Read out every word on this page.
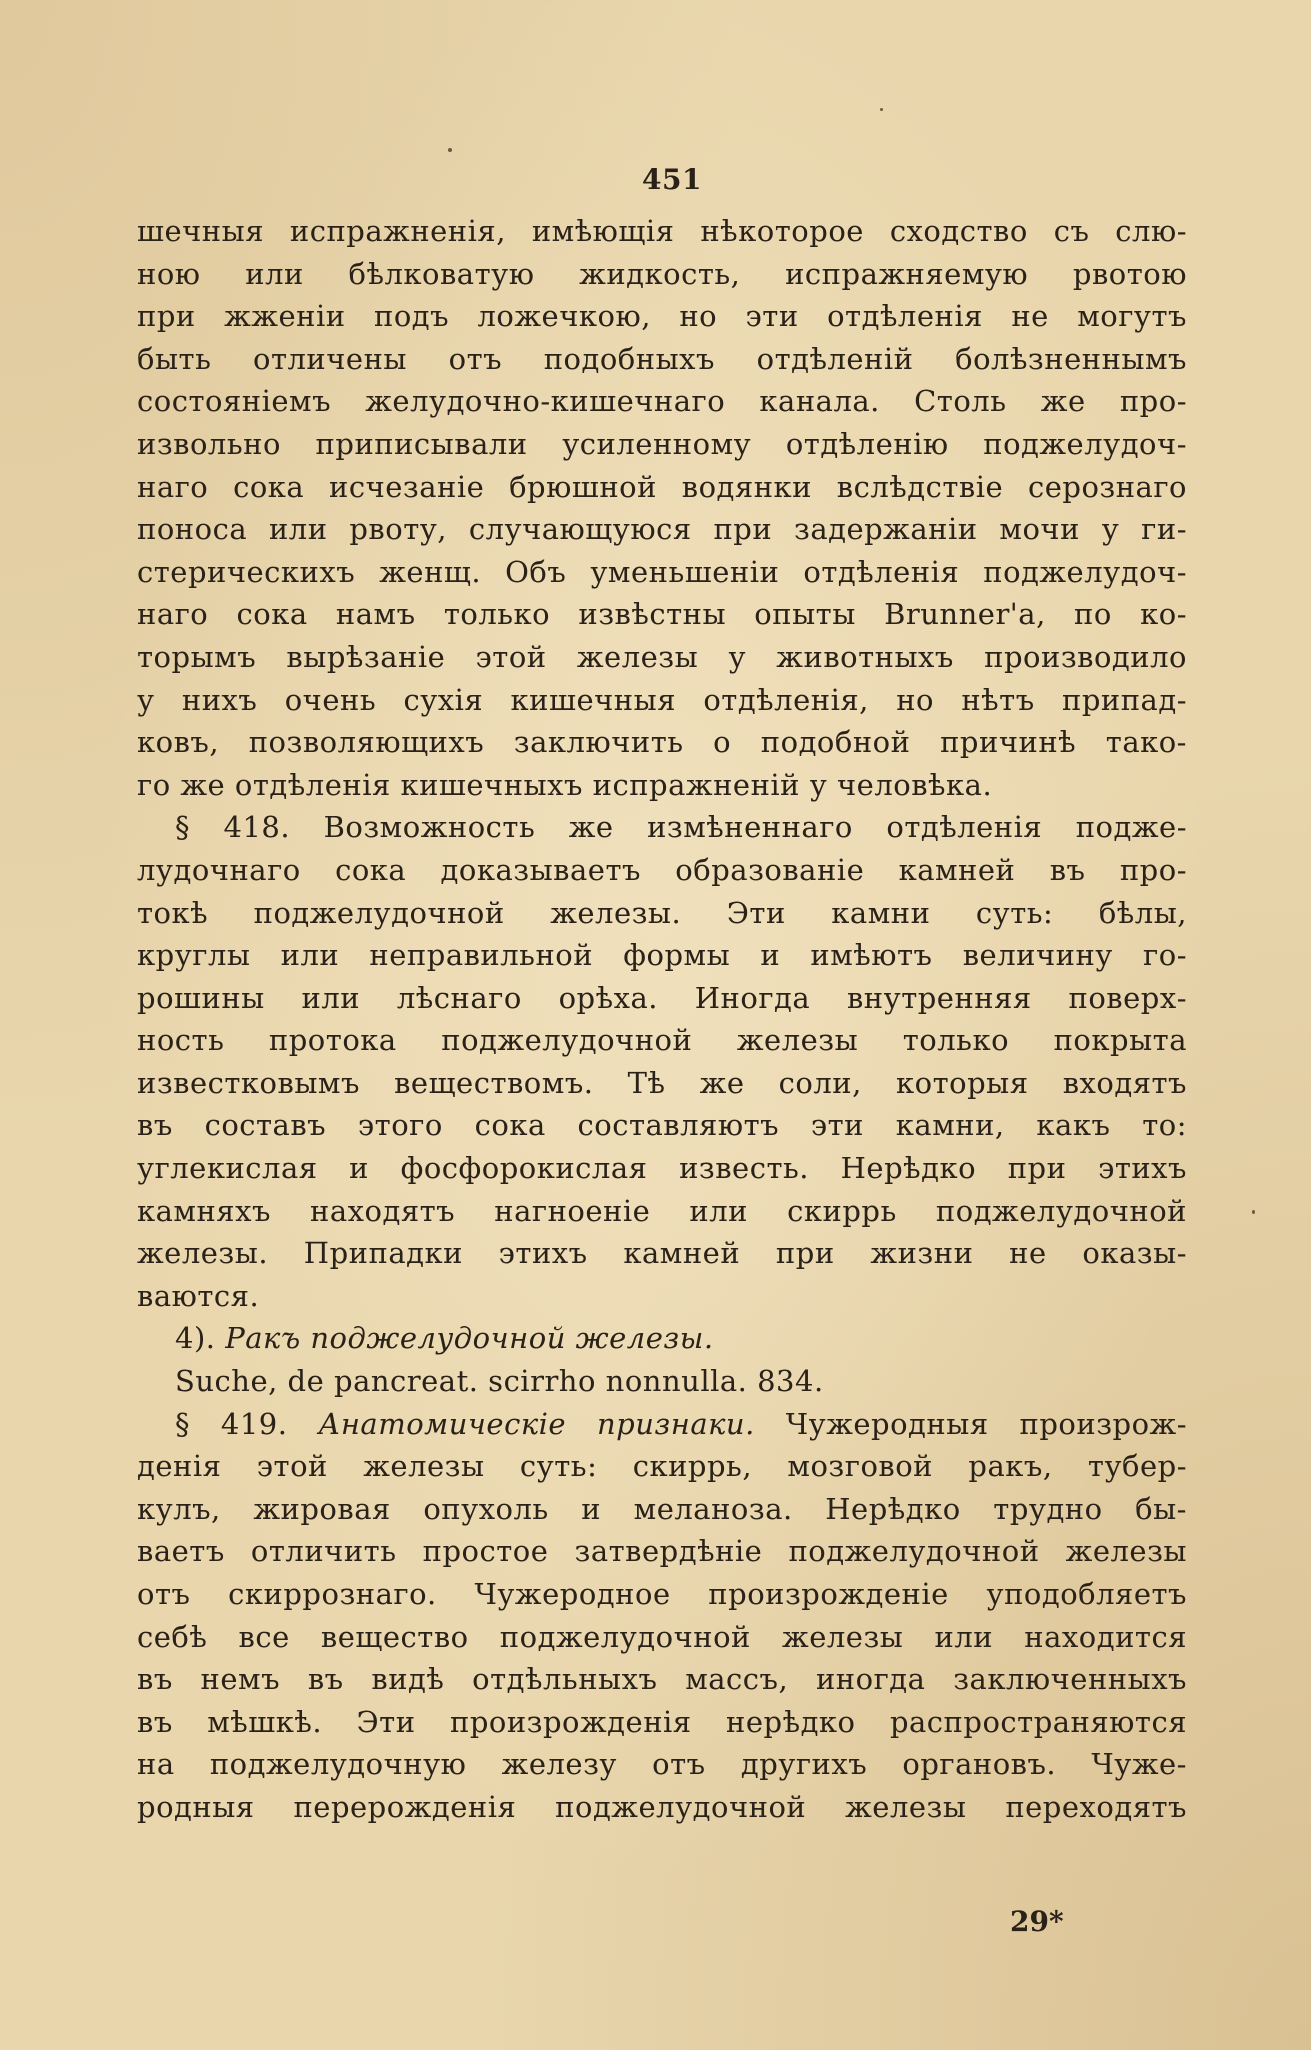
451
шечныя испражненія, имѣющія нѣкоторое сходство съ слю-
ною или бѣлковатую жидкость, испражняемую рвотою
при жженіи подъ ложечкою, но эти отдѣленія не могутъ
быть отличены отъ подобныхъ отдѣленій болѣзненнымъ
состояніемъ желудочно-кишечнаго канала. Столь же про-
извольно приписывали усиленному отдѣленію поджелудоч-
наго сока исчезаніе брюшной водянки вслѣдствіе серознаго
поноса или рвоту, случающуюся при задержаніи мочи у ги-
стерическихъ женщ. Объ уменьшеніи отдѣленія поджелудоч-
наго сока намъ только извѣстны опыты Brunner'a, по ко-
торымъ вырѣзаніе этой железы у животныхъ производило
у нихъ очень сухія кишечныя отдѣленія, но нѣтъ припад-
ковъ, позволяющихъ заключить о подобной причинѣ тако-
го же отдѣленія кишечныхъ испражненій у человѣка.
§ 418. Возможность же измѣненнаго отдѣленія подже-
лудочнаго сока доказываетъ образованіе камней въ про-
токѣ поджелудочной железы. Эти камни суть: бѣлы,
круглы или неправильной формы и имѣютъ величину го-
рошины или лѣснаго орѣха. Иногда внутренняя поверх-
ность протока поджелудочной железы только покрыта
известковымъ веществомъ. Тѣ же соли, которыя входятъ
въ составъ этого сока составляютъ эти камни, какъ то:
углекислая и фосфорокислая известь. Нерѣдко при этихъ
камняхъ находятъ нагноеніе или скиррь поджелудочной
железы. Припадки этихъ камней при жизни не оказы-
ваются.
4). Ракъ поджелудочной железы.
Suche, de pancreat. scirrho nonnulla. 834.
§ 419. Анатомическіе признаки. Чужеродныя произрож-
денія этой железы суть: скиррь, мозговой ракъ, тубер-
кулъ, жировая опухоль и меланоза. Нерѣдко трудно бы-
ваетъ отличить простое затвердѣніе поджелудочной железы
отъ скиррознаго. Чужеродное произрожденіе уподобляетъ
себѣ все вещество поджелудочной железы или находится
въ немъ въ видѣ отдѣльныхъ массъ, иногда заключенныхъ
въ мѣшкѣ. Эти произрожденія нерѣдко распространяются
на поджелудочную железу отъ другихъ органовъ. Чуже-
родныя перерожденія поджелудочной железы переходятъ
29*
